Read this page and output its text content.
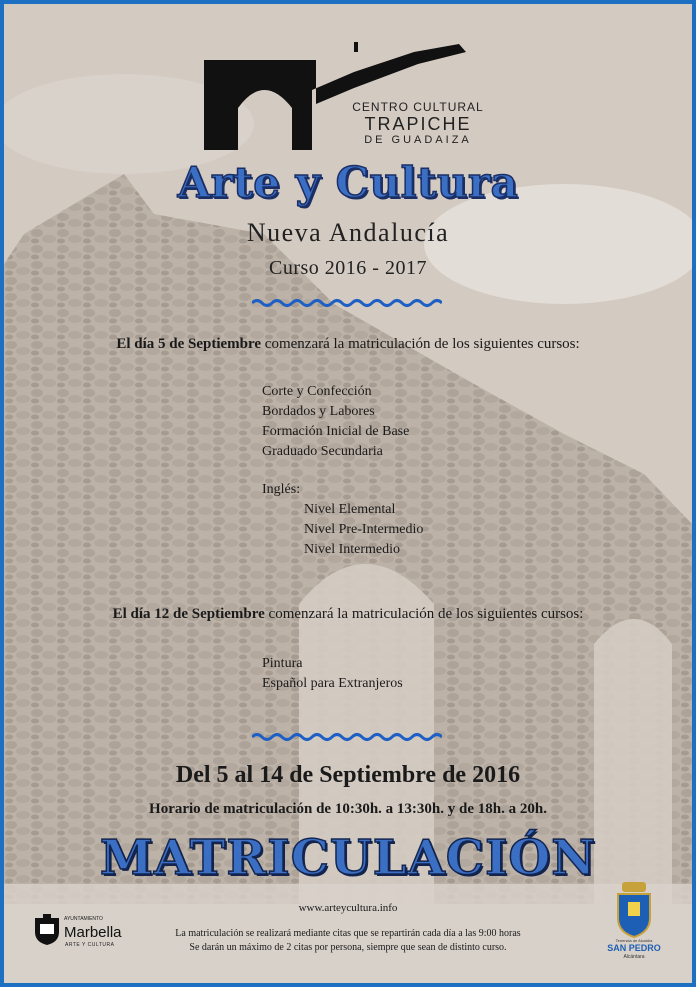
CENTRO CULTURAL
TRAPICHE
DE GUADAIZA
Arte y Cultura
Nueva Andalucía
Curso 2016 - 2017
El día 5 de Septiembre comenzará la matriculación de los siguientes cursos:
Corte y Confección
Bordados y Labores
Formación Inicial de Base
Graduado Secundaria
Inglés:
Nivel Elemental
Nivel Pre-Intermedio
Nivel Intermedio
El día 12 de Septiembre comenzará la matriculación de los siguientes cursos:
Pintura
Español para Extranjeros
Del 5 al 14 de Septiembre de 2016
Horario de matriculación de 10:30h. a 13:30h. y de 18h. a 20h.
MATRICULACIÓN
www.arteycultura.info
La matriculación se realizará mediante citas que se repartirán cada día a las 9:00 horas
Se darán un máximo de 2 citas por persona, siempre que sean de distinto curso.
AYUNTAMIENTO
Marbella
ARTE Y CULTURA
Tenencia de Alcaldía
SAN PEDRO
Alcántara
